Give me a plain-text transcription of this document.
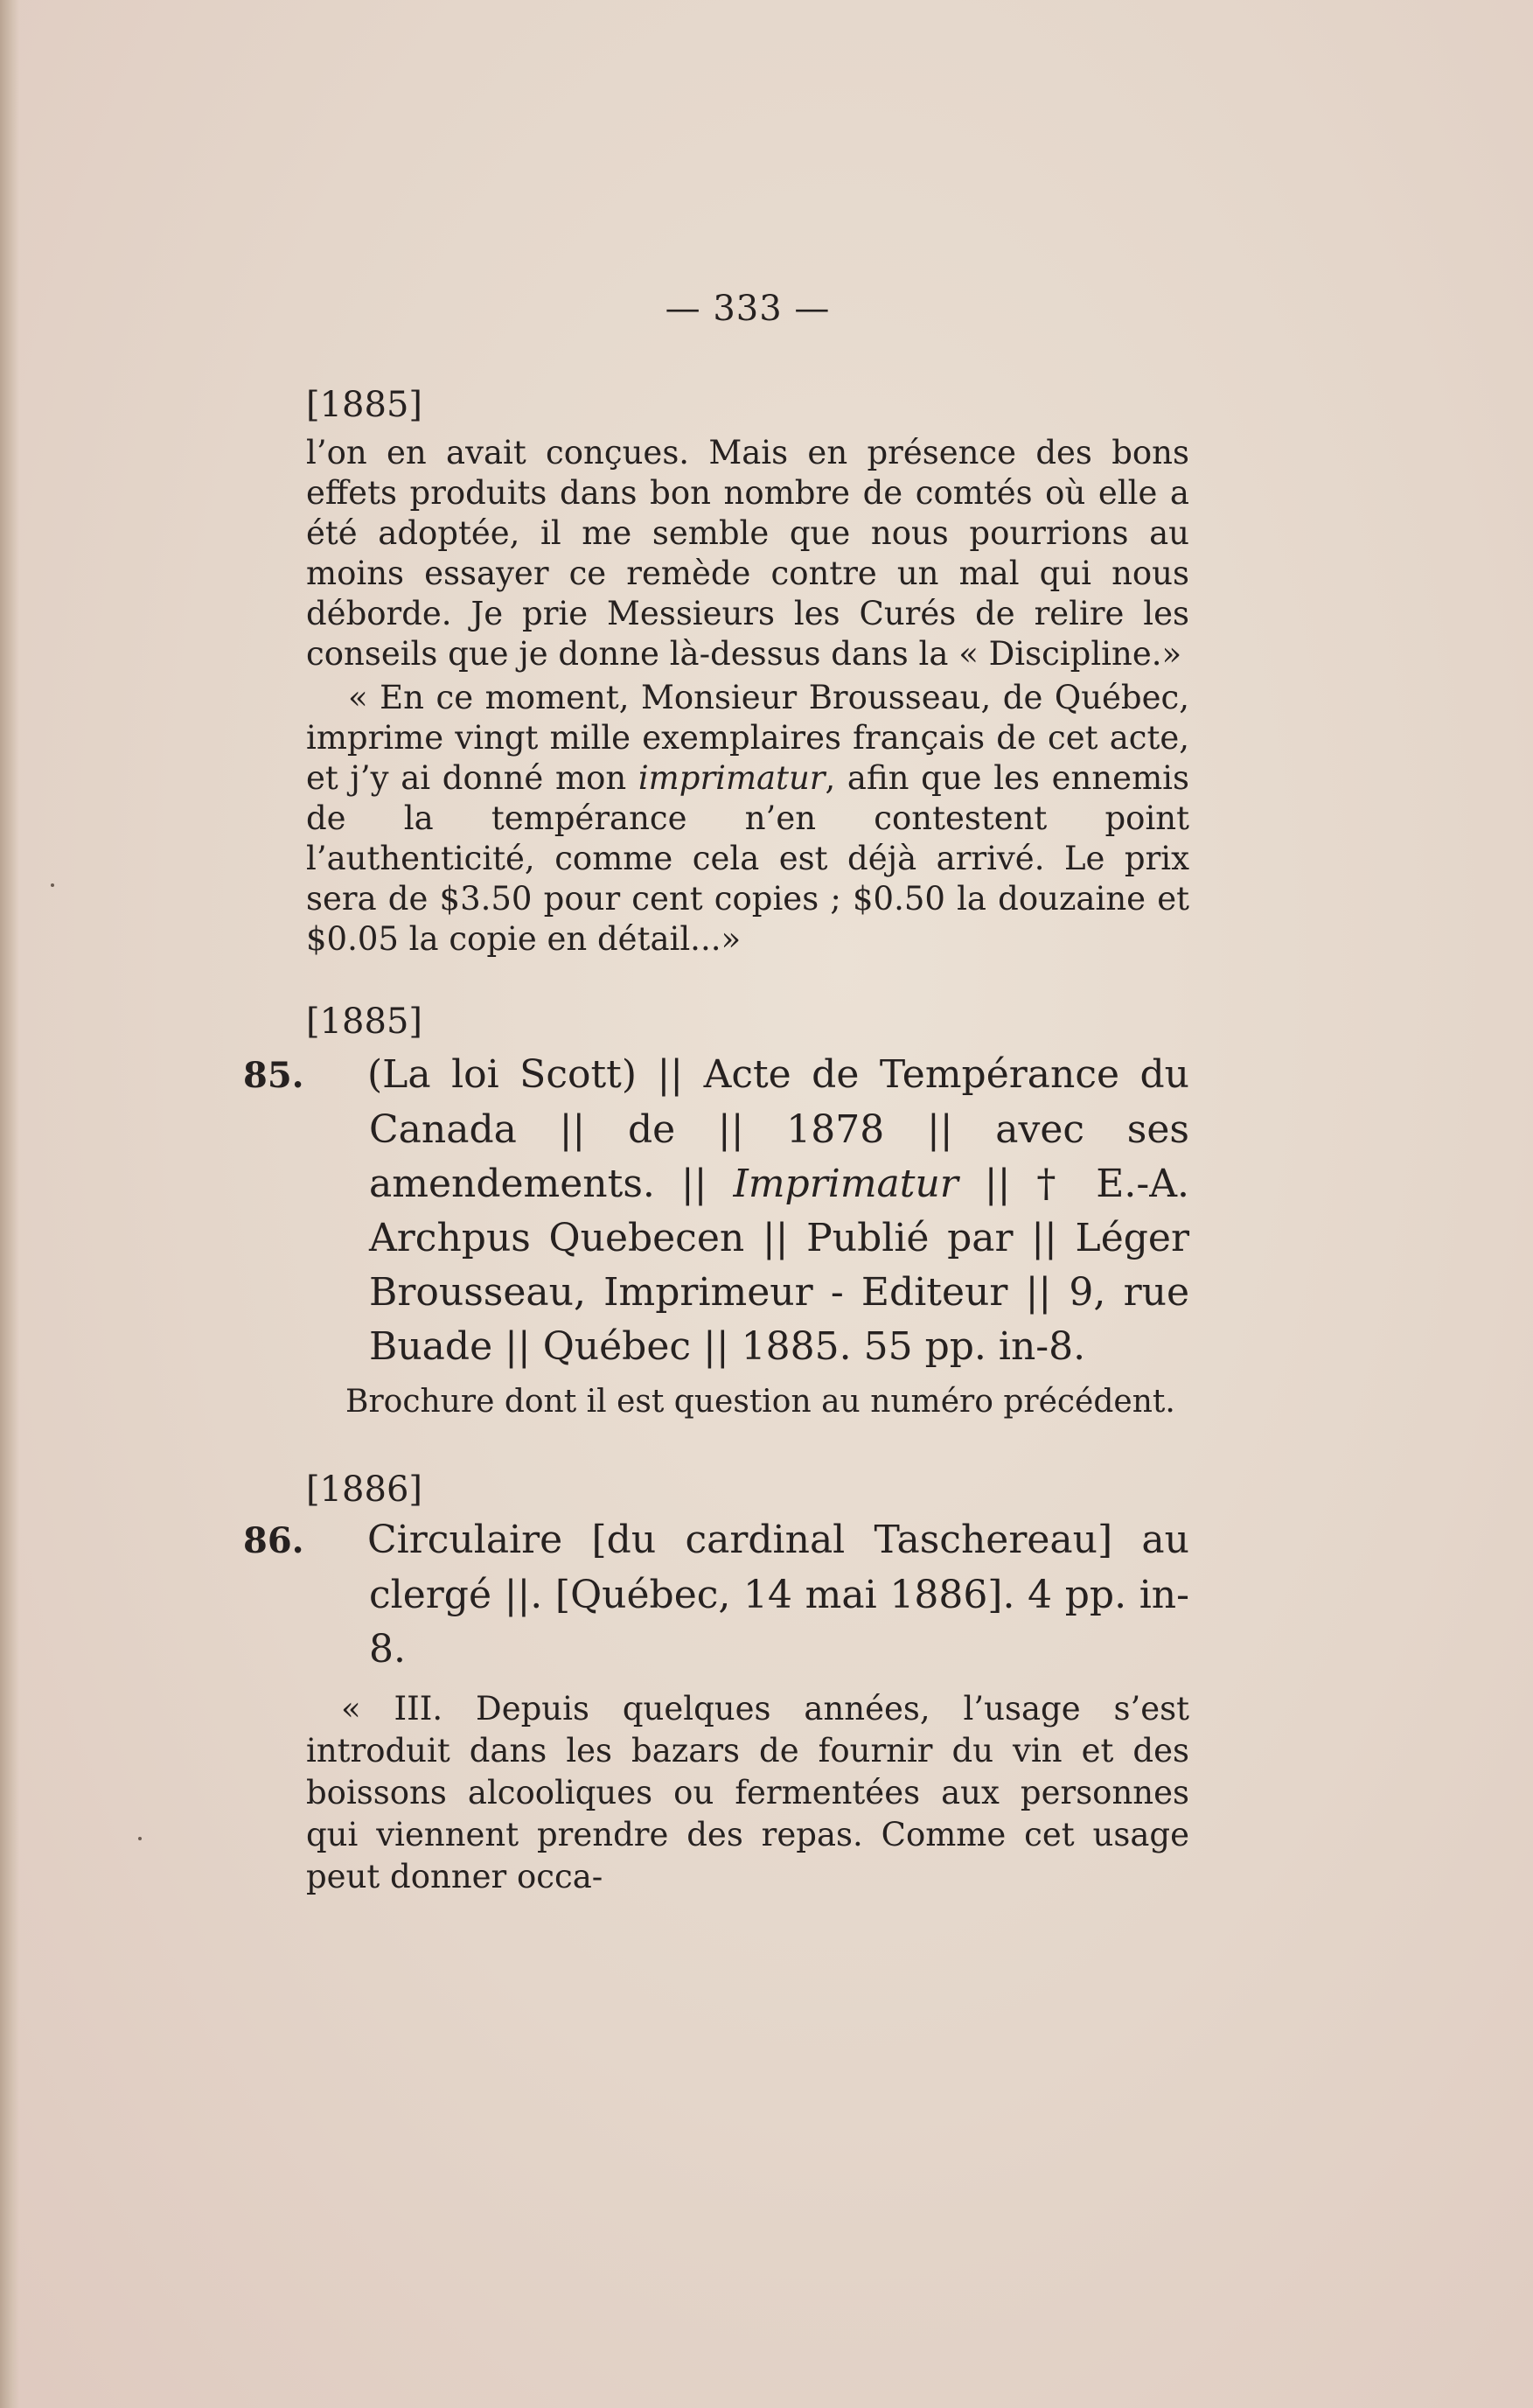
— 333 —

[1885]

l’on en avait conçues. Mais en présence des bons effets produits dans bon nombre de comtés où elle a été adoptée, il me semble que nous pourrions au moins essayer ce remède contre un mal qui nous déborde. Je prie Messieurs les Curés de relire les conseils que je donne là-dessus dans la « Discipline.»

« En ce moment, Monsieur Brousseau, de Québec, imprime vingt mille exemplaires français de cet acte, et j’y ai donné mon imprimatur, afin que les ennemis de la tempérance n’en contestent point l’authenticité, comme cela est déjà arrivé. Le prix sera de $3.50 pour cent copies ; $0.50 la douzaine et $0.05 la copie en détail...»

[1885]

85. (La loi Scott) || Acte de Tempérance du Canada || de || 1878 || avec ses amendements. || Imprimatur || † E.-A. Archpus Quebecen || Publié par || Léger Brousseau, Imprimeur - Editeur || 9, rue Buade || Québec || 1885. 55 pp. in-8.

Brochure dont il est question au numéro précédent.

[1886]

86. Circulaire [du cardinal Taschereau] au clergé ||. [Québec, 14 mai 1886]. 4 pp. in-8.

« III. Depuis quelques années, l’usage s’est introduit dans les bazars de fournir du vin et des boissons alcooliques ou fermentées aux personnes qui viennent prendre des repas. Comme cet usage peut donner occa-
